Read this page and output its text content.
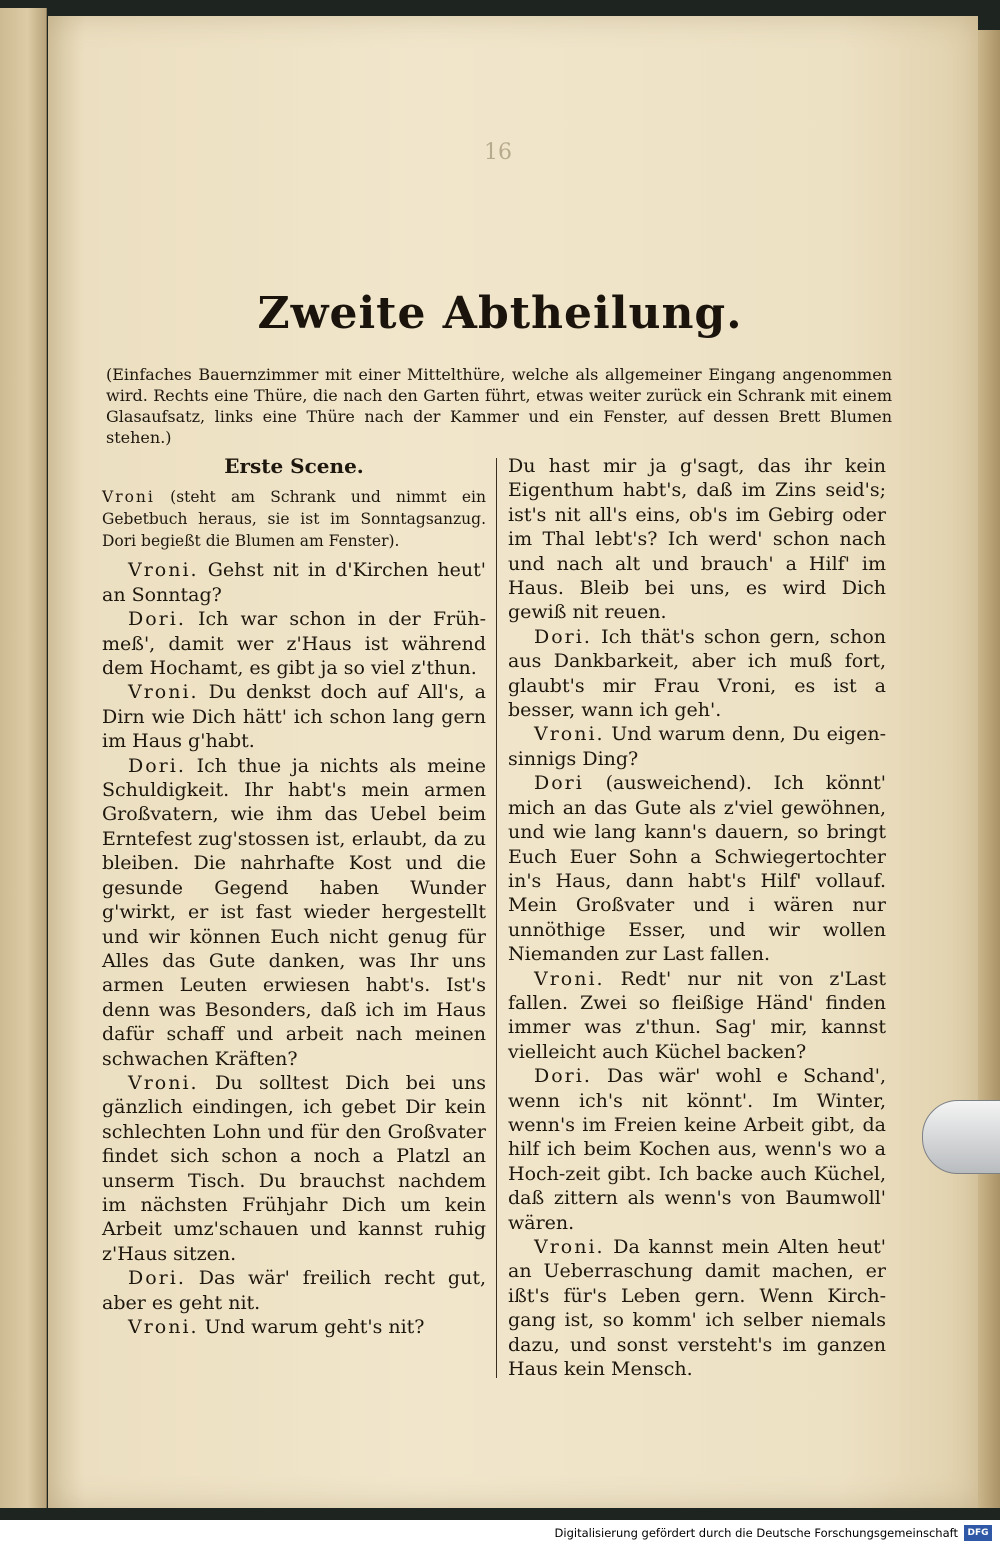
16
Zweite Abtheilung.
(Einfaches Bauernzimmer mit einer Mittelthüre, welche als allgemeiner Eingang angenommen wird. Rechts eine Thüre, die nach den Garten führt, etwas weiter zurück ein Schrank mit einem Glasaufsatz, links eine Thüre nach der Kammer und ein Fenster, auf dessen Brett Blumen stehen.)

Erste Scene.

Vroni (steht am Schrank und nimmt ein Gebetbuch heraus, sie ist im Sonntagsanzug. Dori begießt die Blumen am Fenster).

Vroni. Gehst nit in d'Kirchen heut' an Sonntag?

Dori. Ich war schon in der Früh-meß', damit wer z'Haus ist während dem Hochamt, es gibt ja so viel z'thun.

Vroni. Du denkst doch auf All's, a Dirn wie Dich hätt' ich schon lang gern im Haus g'habt.

Dori. Ich thue ja nichts als meine Schuldigkeit. Ihr habt's mein armen Großvatern, wie ihm das Uebel beim Erntefest zug'stossen ist, erlaubt, da zu bleiben. Die nahrhafte Kost und die gesunde Gegend haben Wunder g'wirkt, er ist fast wieder hergestellt und wir können Euch nicht genug für Alles das Gute danken, was Ihr uns armen Leuten erwiesen habt's. Ist's denn was Besonders, daß ich im Haus dafür schaff und arbeit nach meinen schwachen Kräften?

Vroni. Du solltest Dich bei uns gänzlich eindingen, ich gebet Dir kein schlechten Lohn und für den Großvater findet sich schon a noch a Platzl an unserm Tisch. Du brauchst nachdem im nächsten Frühjahr Dich um kein Arbeit umz'schauen und kannst ruhig z'Haus sitzen.

Dori. Das wär' freilich recht gut, aber es geht nit.

Vroni. Und warum geht's nit?

Du hast mir ja g'sagt, das ihr kein Eigenthum habt's, daß im Zins seid's; ist's nit all's eins, ob's im Gebirg oder im Thal lebt's? Ich werd' schon nach und nach alt und brauch' a Hilf' im Haus. Bleib bei uns, es wird Dich gewiß nit reuen.

Dori. Ich thät's schon gern, schon aus Dankbarkeit, aber ich muß fort, glaubt's mir Frau Vroni, es ist a besser, wann ich geh'.

Vroni. Und warum denn, Du eigen-sinnigs Ding?

Dori (ausweichend). Ich könnt' mich an das Gute als z'viel gewöhnen, und wie lang kann's dauern, so bringt Euch Euer Sohn a Schwiegertochter in's Haus, dann habt's Hilf' vollauf. Mein Großvater und i wären nur unnöthige Esser, und wir wollen Niemanden zur Last fallen.

Vroni. Redt' nur nit von z'Last fallen. Zwei so fleißige Händ' finden immer was z'thun. Sag' mir, kannst vielleicht auch Küchel backen?

Dori. Das wär' wohl e Schand', wenn ich's nit könnt'. Im Winter, wenn's im Freien keine Arbeit gibt, da hilf ich beim Kochen aus, wenn's wo a Hoch-zeit gibt. Ich backe auch Küchel, daß zittern als wenn's von Baumwoll' wären.

Vroni. Da kannst mein Alten heut' an Ueberraschung damit machen, er ißt's für's Leben gern. Wenn Kirch-gang ist, so komm' ich selber niemals dazu, und sonst versteht's im ganzen Haus kein Mensch.

Digitalisierung gefördert durch die Deutsche Forschungsgemeinschaft	DFG
